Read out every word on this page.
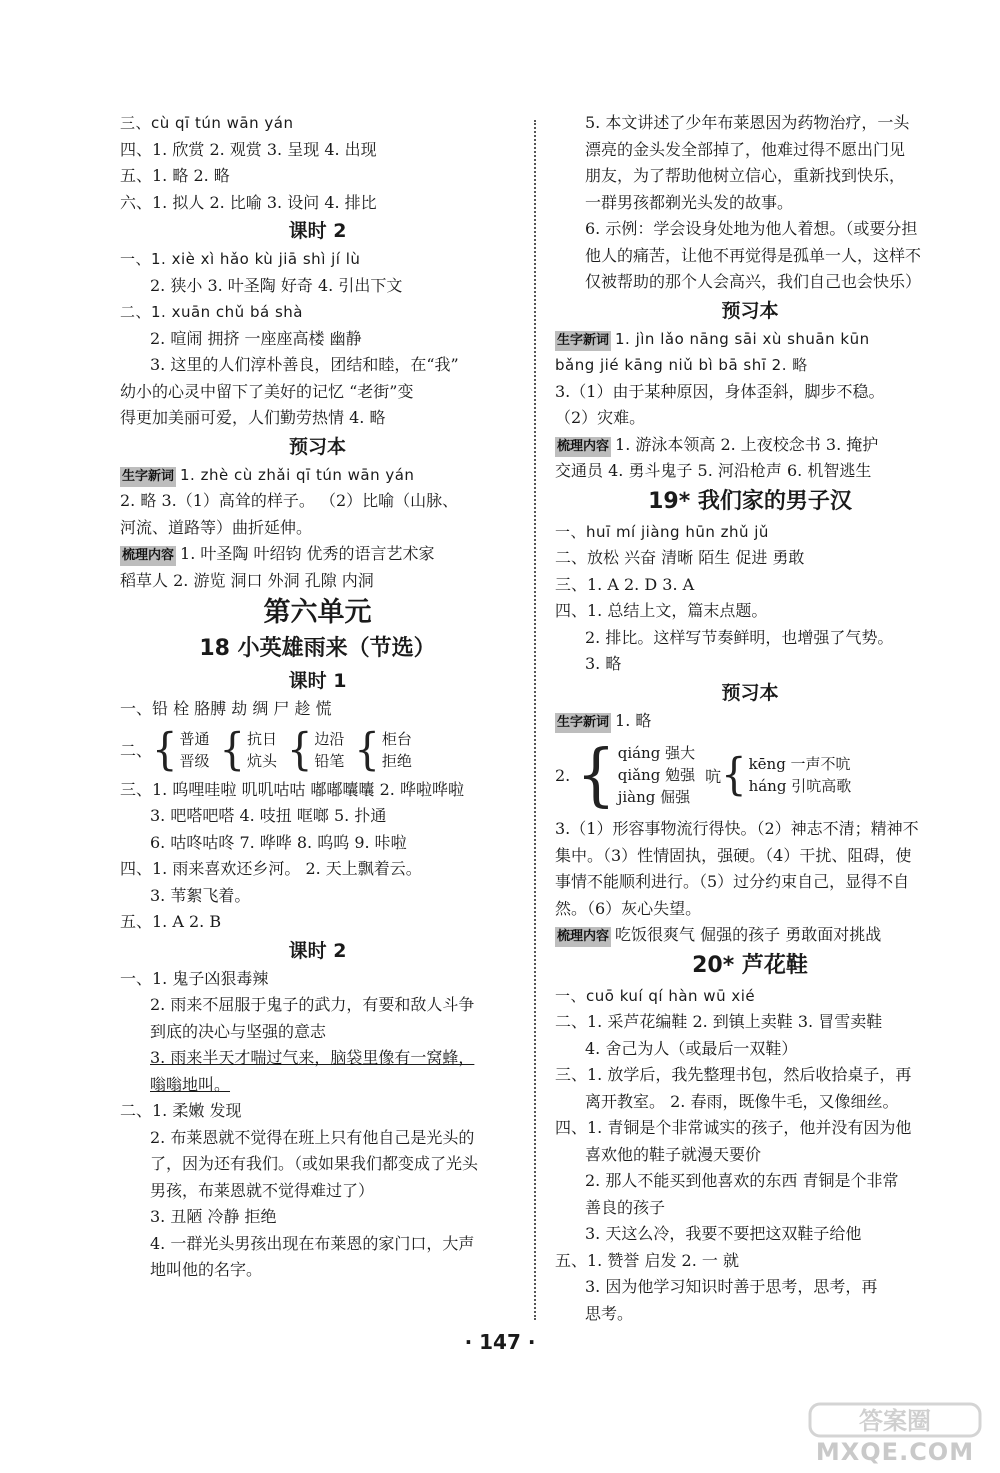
三、cù qī tún wān yán
四、1. 欣赏 2. 观赏 3. 呈现 4. 出现
五、1. 略 2. 略
六、1. 拟人 2. 比喻 3. 设问 4. 排比
课时 2
一、1. xiè xì hǎo kù jiā shì jí lù
2. 狭小 3. 叶圣陶 好奇 4. 引出下文
二、1. xuān chǔ bá shà
2. 喧闹 拥挤 一座座高楼 幽静
3. 这里的人们淳朴善良，团结和睦，在“我”
幼小的心灵中留下了美好的记忆 “老街”变
得更加美丽可爱，人们勤劳热情 4. 略
预习本
生字新词 1. zhè cù zhǎi qī tún wān yán
2. 略 3.（1）高耸的样子。 （2）比喻（山脉、
河流、道路等）曲折延伸。
梳理内容 1. 叶圣陶 叶绍钧 优秀的语言艺术家
稻草人 2. 游览 洞口 外洞 孔隙 内洞
第六单元
18 小英雄雨来（节选）
课时 1
一、铅 栓 胳膊 劫 绸 尸 趁 慌
二、 { 普通
晋级 { 抗日
炕头 { 边沿
铅笔 { 柜台
拒绝
三、1. 呜哩哇啦 叽叽咕咕 嘟嘟囔囔 2. 哗啦哗啦
3. 吧嗒吧嗒 4. 吱扭 哐啷 5. 扑通
6. 咕咚咕咚 7. 哗哗 8. 呜呜 9. 咔啦
四、1. 雨来喜欢还乡河。 2. 天上飘着云。
3. 苇絮飞着。
五、1. A 2. B
课时 2
一、1. 鬼子凶狠毒辣
2. 雨来不屈服于鬼子的武力，有要和敌人斗争
到底的决心与坚强的意志
3. 雨来半天才喘过气来，脑袋里像有一窝蜂，
嗡嗡地叫。
二、1. 柔嫩 发现
2. 布莱恩就不觉得在班上只有他自己是光头的
了，因为还有我们。（或如果我们都变成了光头
男孩，布莱恩就不觉得难过了）
3. 丑陋 冷静 拒绝
4. 一群光头男孩出现在布莱恩的家门口，大声
地叫他的名字。
5. 本文讲述了少年布莱恩因为药物治疗，一头
漂亮的金头发全部掉了，他难过得不愿出门见
朋友，为了帮助他树立信心，重新找到快乐，
一群男孩都剃光头发的故事。
6. 示例：学会设身处地为他人着想。（或要分担
他人的痛苦，让他不再觉得是孤单一人，这样不
仅被帮助的那个人会高兴，我们自己也会快乐）
预习本
生字新词 1. jìn lǎo nāng sāi xù shuān kūn
bǎng jié kāng niǔ bì bā shī 2. 略
3.（1）由于某种原因，身体歪斜，脚步不稳。
（2）灾难。
梳理内容 1. 游泳本领高 2. 上夜校念书 3. 掩护
交通员 4. 勇斗鬼子 5. 河沿枪声 6. 机智逃生
19* 我们家的男子汉
一、huī mí jiàng hūn zhǔ jǔ
二、放松 兴奋 清晰 陌生 促进 勇敢
三、1. A 2. D 3. A
四、1. 总结上文，篇末点题。
2. 排比。这样写节奏鲜明，也增强了气势。
3. 略
预习本
生字新词 1. 略
2. { qiáng 强大
qiǎng 勉强
jiàng 倔强
吭 { kēng 一声不吭
háng 引吭高歌
3.（1）形容事物流行得快。（2）神志不清；精神不
集中。（3）性情固执，强硬。（4）干扰、阻碍，使
事情不能顺利进行。（5）过分约束自己，显得不自
然。（6）灰心失望。
梳理内容 吃饭很爽气 倔强的孩子 勇敢面对挑战
20* 芦花鞋
一、cuō kuí qí hàn wū xié
二、1. 采芦花编鞋 2. 到镇上卖鞋 3. 冒雪卖鞋
4. 舍己为人（或最后一双鞋）
三、1. 放学后，我先整理书包，然后收拾桌子，再
离开教室。 2. 春雨，既像牛毛，又像细丝。
四、1. 青铜是个非常诚实的孩子，他并没有因为他
喜欢他的鞋子就漫天要价
2. 那人不能买到他喜欢的东西 青铜是个非常
善良的孩子
3. 天这么冷，我要不要把这双鞋子给他
五、1. 赞誉 启发 2. 一 就
3. 因为他学习知识时善于思考，思考，再
思考。
· 147 ·
答案圈
MXQE.COM
